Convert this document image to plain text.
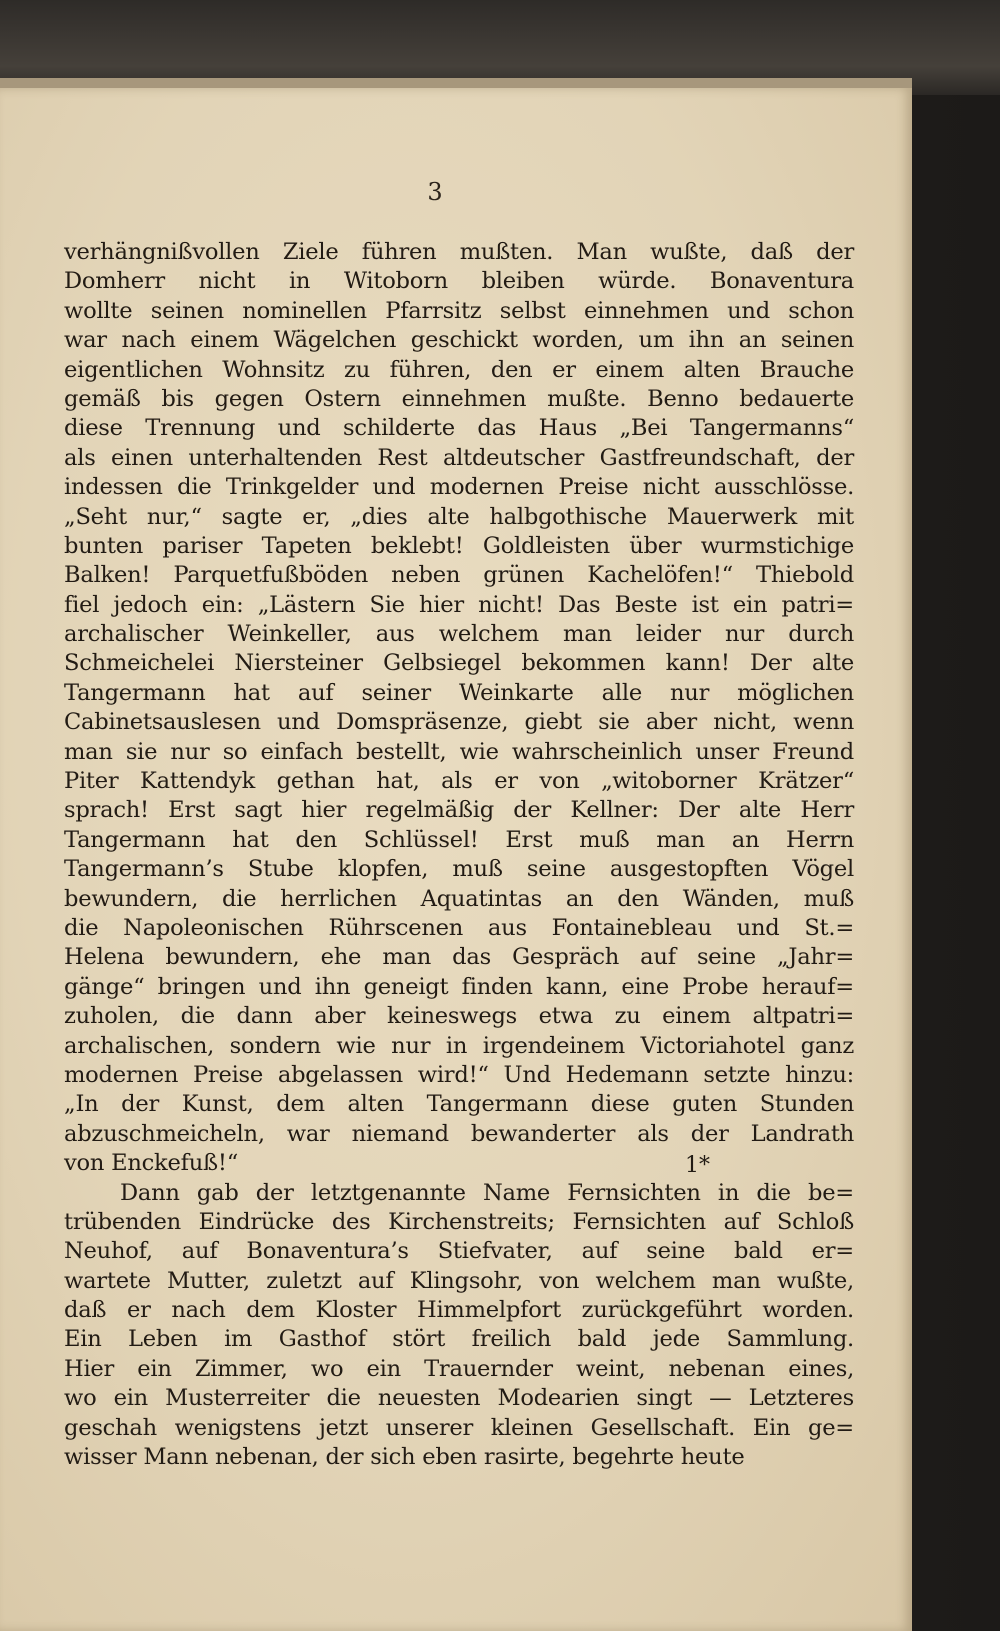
3
verhängnißvollen Ziele führen mußten. Man wußte, daß der
Domherr nicht in Witoborn bleiben würde. Bonaventura
wollte seinen nominellen Pfarrsitz selbst einnehmen und schon
war nach einem Wägelchen geschickt worden, um ihn an seinen
eigentlichen Wohnsitz zu führen, den er einem alten Brauche
gemäß bis gegen Ostern einnehmen mußte. Benno bedauerte
diese Trennung und schilderte das Haus „Bei Tangermanns“
als einen unterhaltenden Rest altdeutscher Gastfreundschaft, der
indessen die Trinkgelder und modernen Preise nicht ausschlösse.
„Seht nur,“ sagte er, „dies alte halbgothische Mauerwerk mit
bunten pariser Tapeten beklebt! Goldleisten über wurmstichige
Balken! Parquetfußböden neben grünen Kachelöfen!“ Thiebold
fiel jedoch ein: „Lästern Sie hier nicht! Das Beste ist ein patri=
archalischer Weinkeller, aus welchem man leider nur durch
Schmeichelei Niersteiner Gelbsiegel bekommen kann! Der alte
Tangermann hat auf seiner Weinkarte alle nur möglichen
Cabinetsauslesen und Domspräsenze, giebt sie aber nicht, wenn
man sie nur so einfach bestellt, wie wahrscheinlich unser Freund
Piter Kattendyk gethan hat, als er von „witoborner Krätzer“
sprach! Erst sagt hier regelmäßig der Kellner: Der alte Herr
Tangermann hat den Schlüssel! Erst muß man an Herrn
Tangermann’s Stube klopfen, muß seine ausgestopften Vögel
bewundern, die herrlichen Aquatintas an den Wänden, muß
die Napoleonischen Rührscenen aus Fontainebleau und St.=
Helena bewundern, ehe man das Gespräch auf seine „Jahr=
gänge“ bringen und ihn geneigt finden kann, eine Probe herauf=
zuholen, die dann aber keineswegs etwa zu einem altpatri=
archalischen, sondern wie nur in irgendeinem Victoriahotel ganz
modernen Preise abgelassen wird!“ Und Hedemann setzte hinzu:
„In der Kunst, dem alten Tangermann diese guten Stunden
abzuschmeicheln, war niemand bewanderter als der Landrath
von Enckefuß!“
Dann gab der letztgenannte Name Fernsichten in die be=
trübenden Eindrücke des Kirchenstreits; Fernsichten auf Schloß
Neuhof, auf Bonaventura’s Stiefvater, auf seine bald er=
wartete Mutter, zuletzt auf Klingsohr, von welchem man wußte,
daß er nach dem Kloster Himmelpfort zurückgeführt worden.
Ein Leben im Gasthof stört freilich bald jede Sammlung.
Hier ein Zimmer, wo ein Trauernder weint, nebenan eines,
wo ein Musterreiter die neuesten Modearien singt — Letzteres
geschah wenigstens jetzt unserer kleinen Gesellschaft. Ein ge=
wisser Mann nebenan, der sich eben rasirte, begehrte heute
1*
